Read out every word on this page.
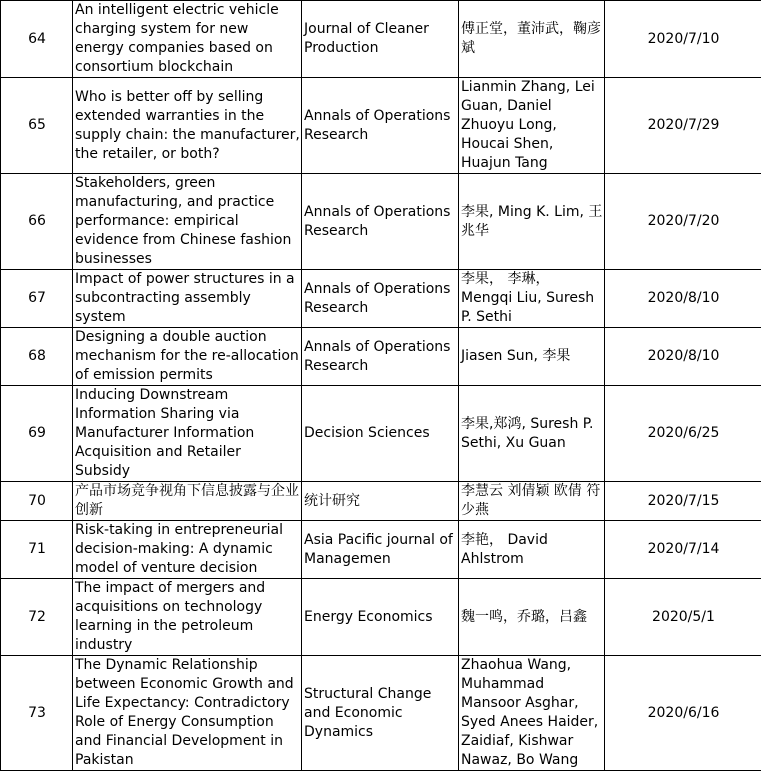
64	An intelligent electric vehicle charging system for new energy companies based on consortium blockchain	Journal of Cleaner Production	傅正堂，董沛武，鞠彦斌	2020/7/10
65	Who is better off by selling extended warranties in the supply chain: the manufacturer, the retailer, or both?	Annals of Operations Research	Lianmin Zhang, Lei Guan, Daniel Zhuoyu Long, Houcai Shen, Huajun Tang	2020/7/29
66	Stakeholders, green manufacturing, and practice performance: empirical evidence from Chinese fashion businesses	Annals of Operations Research	李果, Ming K. Lim, 王兆华	2020/7/20
67	Impact of power structures in a subcontracting assembly system	Annals of Operations Research	李果， 李琳， Mengqi Liu, Suresh P. Sethi	2020/8/10
68	Designing a double auction mechanism for the re-allocation of emission permits	Annals of Operations Research	Jiasen Sun, 李果	2020/8/10
69	Inducing Downstream Information Sharing via Manufacturer Information Acquisition and Retailer Subsidy	Decision Sciences	李果,郑鸿, Suresh P. Sethi, Xu Guan	2020/6/25
70	产品市场竞争视角下信息披露与企业创新	统计研究	李慧云 刘倩颖 欧倩 符少燕	2020/7/15
71	Risk-taking in entrepreneurial decision-making: A dynamic model of venture decision	Asia Pacific journal of Managemen	李艳， David Ahlstrom	2020/7/14
72	The impact of mergers and acquisitions on technology learning in the petroleum industry	Energy Economics	魏一鸣，乔璐，吕鑫	2020/5/1
73	The Dynamic Relationship between Economic Growth and Life Expectancy: Contradictory Role of Energy Consumption and Financial Development in Pakistan	Structural Change and Economic Dynamics	Zhaohua Wang, Muhammad Mansoor Asghar, Syed Anees Haider, Zaidiaf, Kishwar Nawaz, Bo Wang	2020/6/16
